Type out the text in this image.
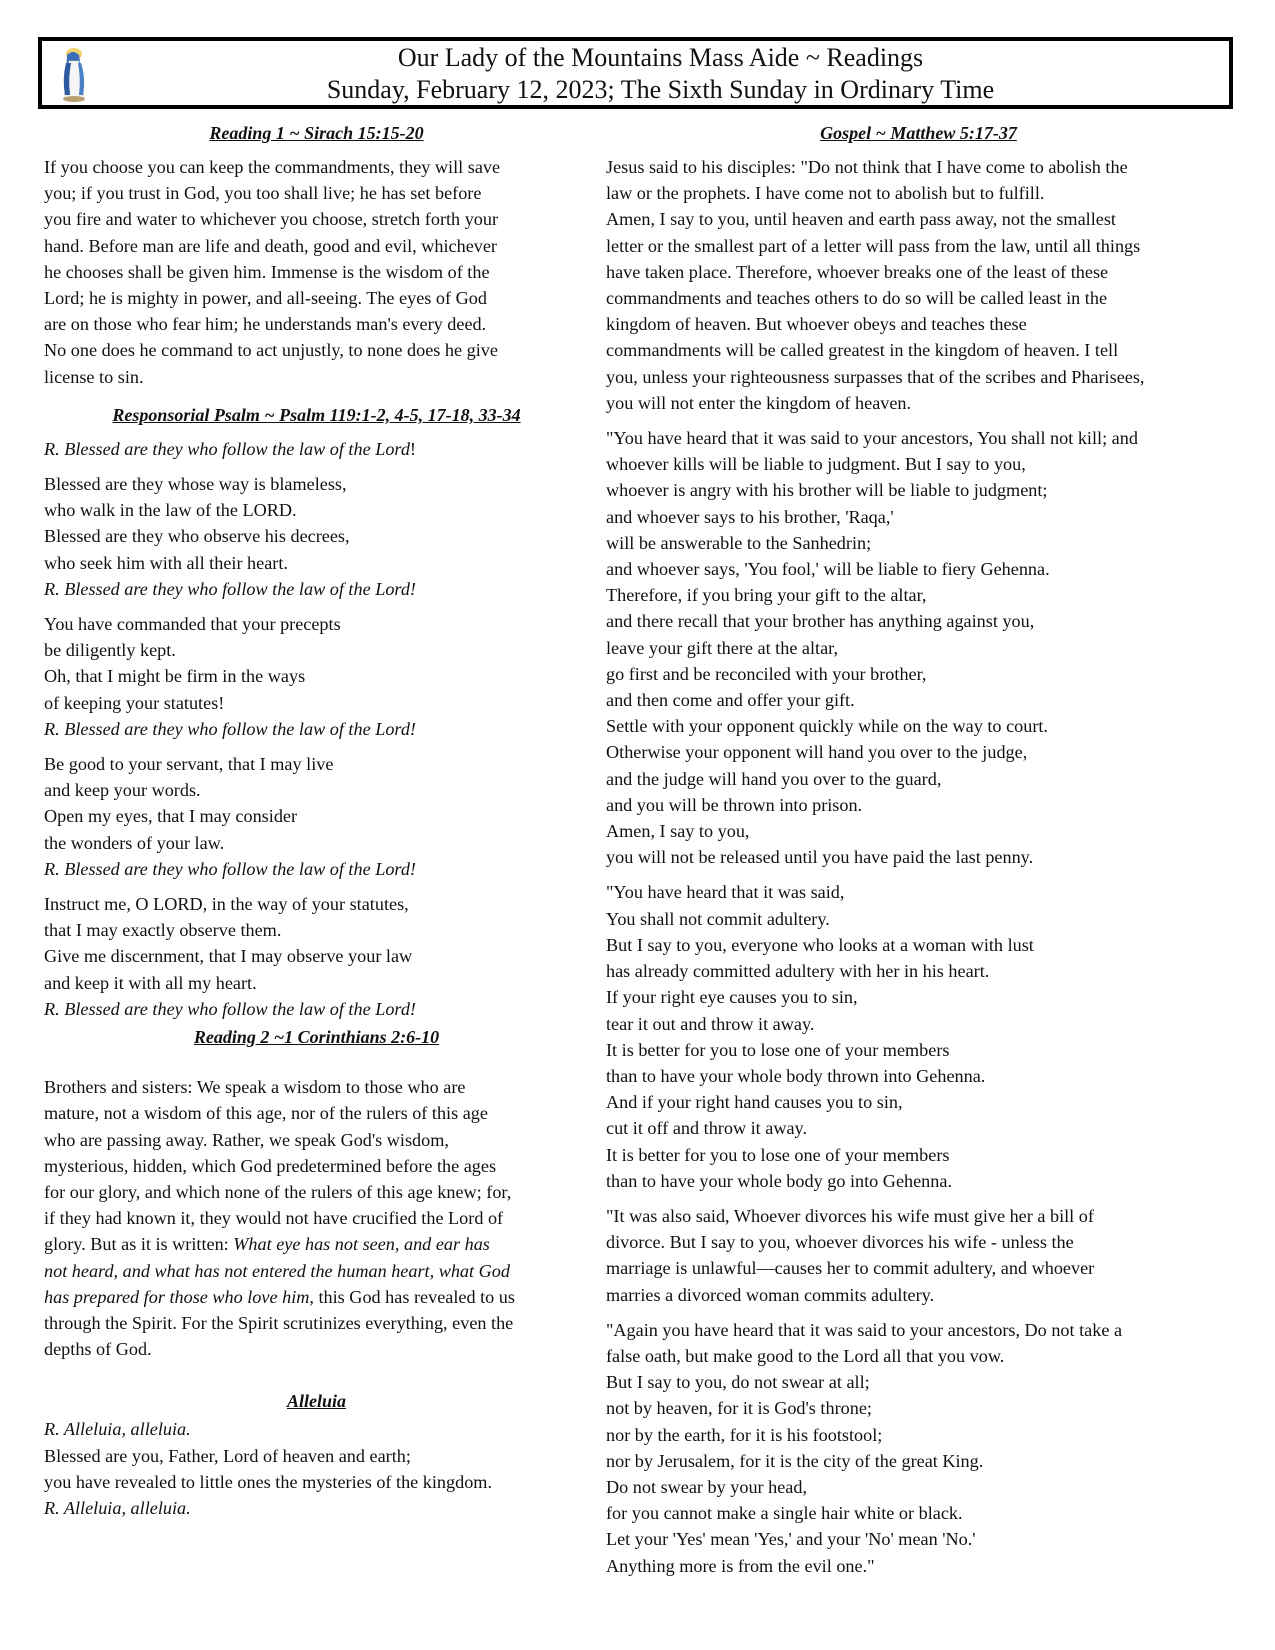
Our Lady of the Mountains Mass Aide ~ Readings
Sunday, February 12, 2023; The Sixth Sunday in Ordinary Time
Reading 1 ~ Sirach 15:15-20

If you choose you can keep the commandments, they will save
you; if you trust in God, you too shall live; he has set before
you fire and water to whichever you choose, stretch forth your
hand. Before man are life and death, good and evil, whichever
he chooses shall be given him. Immense is the wisdom of the
Lord; he is mighty in power, and all-seeing. The eyes of God
are on those who fear him; he understands man's every deed.
No one does he command to act unjustly, to none does he give
license to sin.

Responsorial Psalm ~ Psalm 119:1-2, 4-5, 17-18, 33-34

R. Blessed are they who follow the law of the Lord!

Blessed are they whose way is blameless,
who walk in the law of the LORD.
Blessed are they who observe his decrees,
who seek him with all their heart.
R. Blessed are they who follow the law of the Lord!
You have commanded that your precepts
be diligently kept.
Oh, that I might be firm in the ways
of keeping your statutes!
R. Blessed are they who follow the law of the Lord!
Be good to your servant, that I may live
and keep your words.
Open my eyes, that I may consider
the wonders of your law.
R. Blessed are they who follow the law of the Lord!
Instruct me, O LORD, in the way of your statutes,
that I may exactly observe them.
Give me discernment, that I may observe your law
and keep it with all my heart.
R. Blessed are they who follow the law of the Lord!
Reading 2 ~1 Corinthians 2:6-10

Brothers and sisters: We speak a wisdom to those who are
mature, not a wisdom of this age, nor of the rulers of this age
who are passing away. Rather, we speak God's wisdom,
mysterious, hidden, which God predetermined before the ages
for our glory, and which none of the rulers of this age knew; for,
if they had known it, they would not have crucified the Lord of
glory. But as it is written: What eye has not seen, and ear has
not heard, and what has not entered the human heart, what God
has prepared for those who love him, this God has revealed to us
through the Spirit. For the Spirit scrutinizes everything, even the
depths of God.

Alleluia
R. Alleluia, alleluia.
Blessed are you, Father, Lord of heaven and earth;
you have revealed to little ones the mysteries of the kingdom.
R. Alleluia, alleluia.
Gospel ~ Matthew 5:17-37

Jesus said to his disciples: "Do not think that I have come to abolish the
law or the prophets. I have come not to abolish but to fulfill.
Amen, I say to you, until heaven and earth pass away, not the smallest
letter or the smallest part of a letter will pass from the law, until all things
have taken place. Therefore, whoever breaks one of the least of these
commandments and teaches others to do so will be called least in the
kingdom of heaven. But whoever obeys and teaches these
commandments will be called greatest in the kingdom of heaven. I tell
you, unless your righteousness surpasses that of the scribes and Pharisees,
you will not enter the kingdom of heaven.

"You have heard that it was said to your ancestors, You shall not kill; and
whoever kills will be liable to judgment. But I say to you,
whoever is angry with his brother will be liable to judgment;
and whoever says to his brother, 'Raqa,'
will be answerable to the Sanhedrin;
and whoever says, 'You fool,' will be liable to fiery Gehenna.
Therefore, if you bring your gift to the altar,
and there recall that your brother has anything against you,
leave your gift there at the altar,
go first and be reconciled with your brother,
and then come and offer your gift.
Settle with your opponent quickly while on the way to court.
Otherwise your opponent will hand you over to the judge,
and the judge will hand you over to the guard,
and you will be thrown into prison.
Amen, I say to you,
you will not be released until you have paid the last penny.

"You have heard that it was said,
You shall not commit adultery.
But I say to you, everyone who looks at a woman with lust
has already committed adultery with her in his heart.
If your right eye causes you to sin,
tear it out and throw it away.
It is better for you to lose one of your members
than to have your whole body thrown into Gehenna.
And if your right hand causes you to sin,
cut it off and throw it away.
It is better for you to lose one of your members
than to have your whole body go into Gehenna.

"It was also said, Whoever divorces his wife must give her a bill of
divorce. But I say to you, whoever divorces his wife - unless the
marriage is unlawful—causes her to commit adultery, and whoever
marries a divorced woman commits adultery.

"Again you have heard that it was said to your ancestors, Do not take a
false oath, but make good to the Lord all that you vow.
But I say to you, do not swear at all;
not by heaven, for it is God's throne;
nor by the earth, for it is his footstool;
nor by Jerusalem, for it is the city of the great King.
Do not swear by your head,
for you cannot make a single hair white or black.
Let your 'Yes' mean 'Yes,' and your 'No' mean 'No.'
Anything more is from the evil one."
